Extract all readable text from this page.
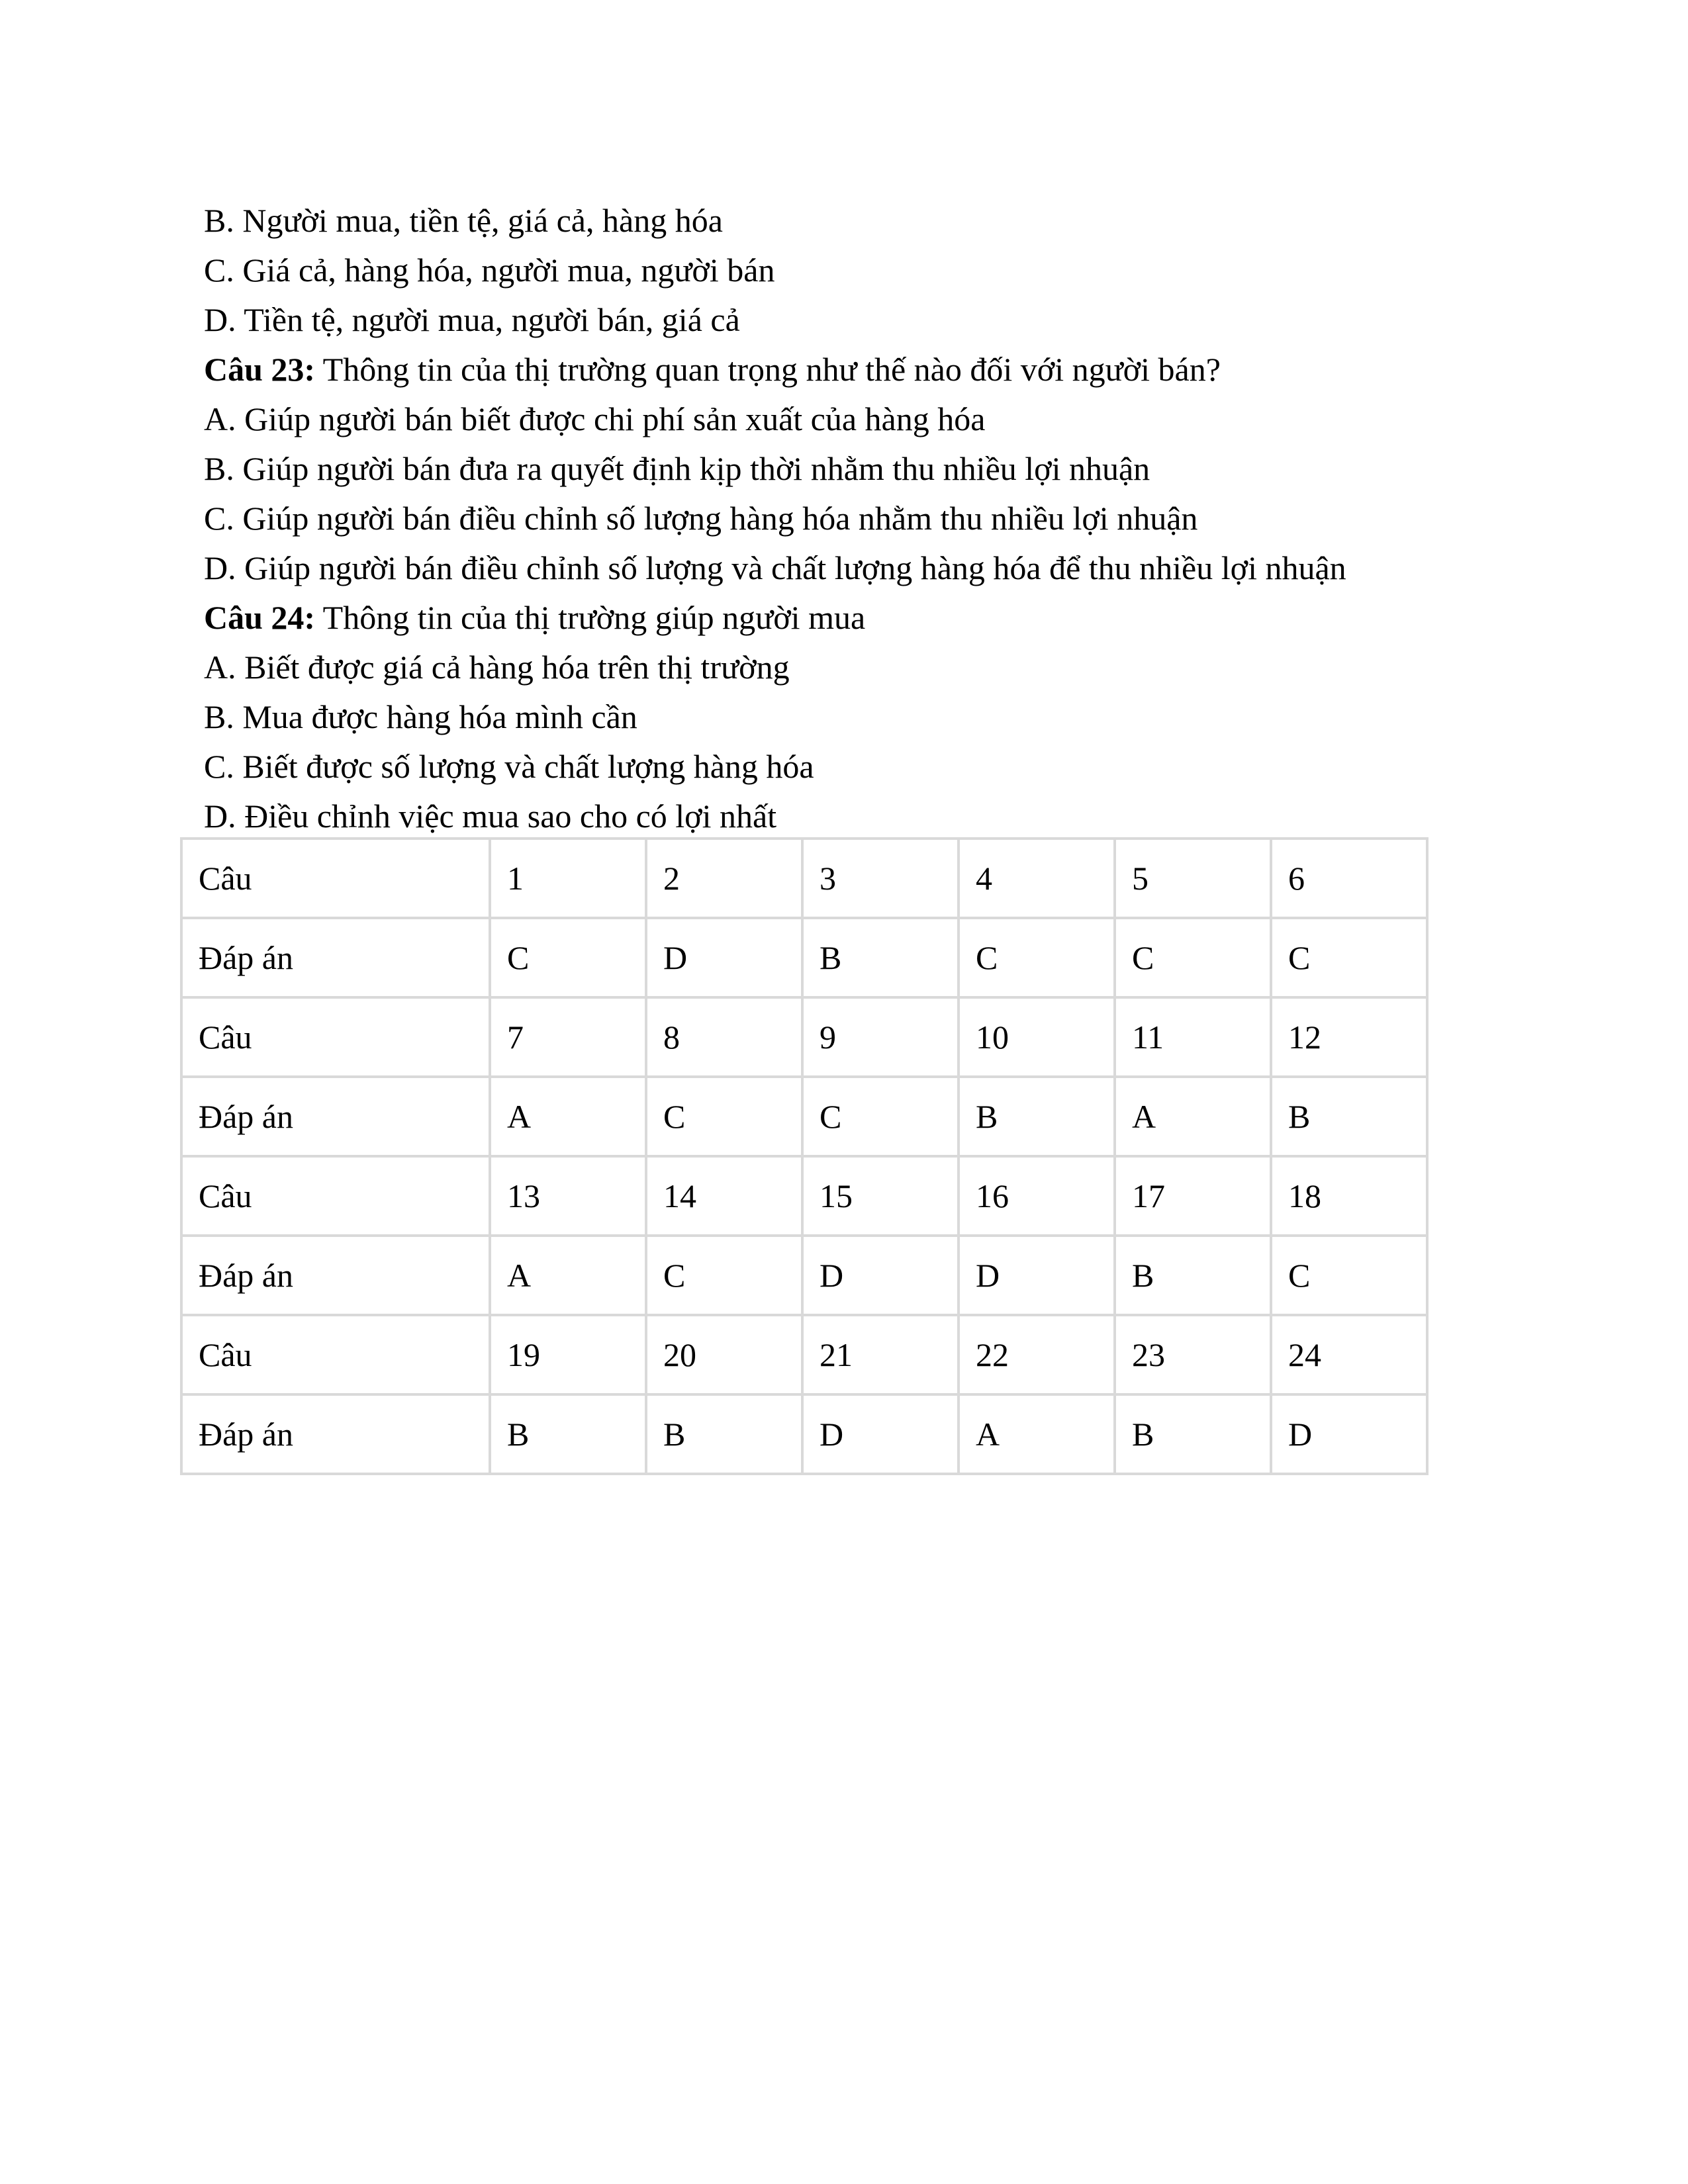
B. Người mua, tiền tệ, giá cả, hàng hóa
C. Giá cả, hàng hóa, người mua, người bán
D. Tiền tệ, người mua, người bán, giá cả
Câu 23: Thông tin của thị trường quan trọng như thế nào đối với người bán?
A. Giúp người bán biết được chi phí sản xuất của hàng hóa
B. Giúp người bán đưa ra quyết định kịp thời nhằm thu nhiều lợi nhuận
C. Giúp người bán điều chỉnh số lượng hàng hóa nhằm thu nhiều lợi nhuận
D. Giúp người bán điều chỉnh số lượng và chất lượng hàng hóa để thu nhiều lợi nhuận
Câu 24: Thông tin của thị trường giúp người mua
A. Biết được giá cả hàng hóa trên thị trường
B. Mua được hàng hóa mình cần
C. Biết được số lượng và chất lượng hàng hóa
D. Điều chỉnh việc mua sao cho có lợi nhất
Câu	1	2	3	4	5	6
Đáp án	C	D	B	C	C	C
Câu	7	8	9	10	11	12
Đáp án	A	C	C	B	A	B
Câu	13	14	15	16	17	18
Đáp án	A	C	D	D	B	C
Câu	19	20	21	22	23	24
Đáp án	B	B	D	A	B	D
